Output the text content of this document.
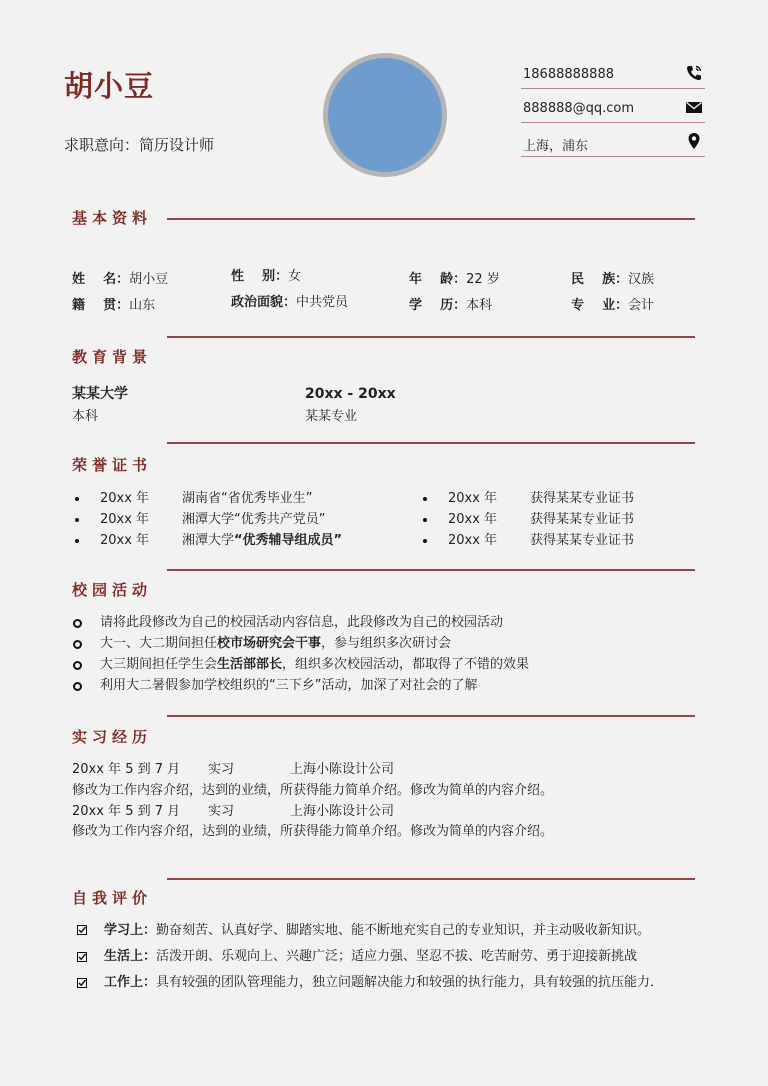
胡小豆
求职意向：简历设计师
18688888888
888888@qq.com
上海，浦东
基本资料
姓    名：胡小豆	性    别：女	年    龄：22 岁	民    族：汉族
籍    贯：山东	政治面貌：中共党员	学    历：本科	专    业：会计
教育背景
某某大学	20xx - 20xx
本科	某某专业
荣誉证书
20xx 年	湖南省“省优秀毕业生”
20xx 年	湘潭大学“优秀共产党员”
20xx 年	湘潭大学“优秀辅导组成员”
20xx 年	获得某某专业证书
20xx 年	获得某某专业证书
20xx 年	获得某某专业证书
校园活动
请将此段修改为自己的校园活动内容信息，此段修改为自己的校园活动
大一、大二期间担任校市场研究会干事，参与组织多次研讨会
大三期间担任学生会生活部部长，组织多次校园活动，都取得了不错的效果
利用大二暑假参加学校组织的“三下乡”活动，加深了对社会的了解
实习经历
20xx 年 5 到 7 月 实习	上海小陈设计公司
修改为工作内容介绍，达到的业绩，所获得能力简单介绍。修改为简单的内容介绍。
20xx 年 5 到 7 月 实习	上海小陈设计公司
修改为工作内容介绍，达到的业绩，所获得能力简单介绍。修改为简单的内容介绍。
自我评价
学习上：勤奋刻苦、认真好学、脚踏实地、能不断地充实自己的专业知识，并主动吸收新知识。
生活上：活泼开朗、乐观向上、兴趣广泛；适应力强、坚忍不拔、吃苦耐劳、勇于迎接新挑战
工作上：具有较强的团队管理能力，独立问题解决能力和较强的执行能力，具有较强的抗压能力．
